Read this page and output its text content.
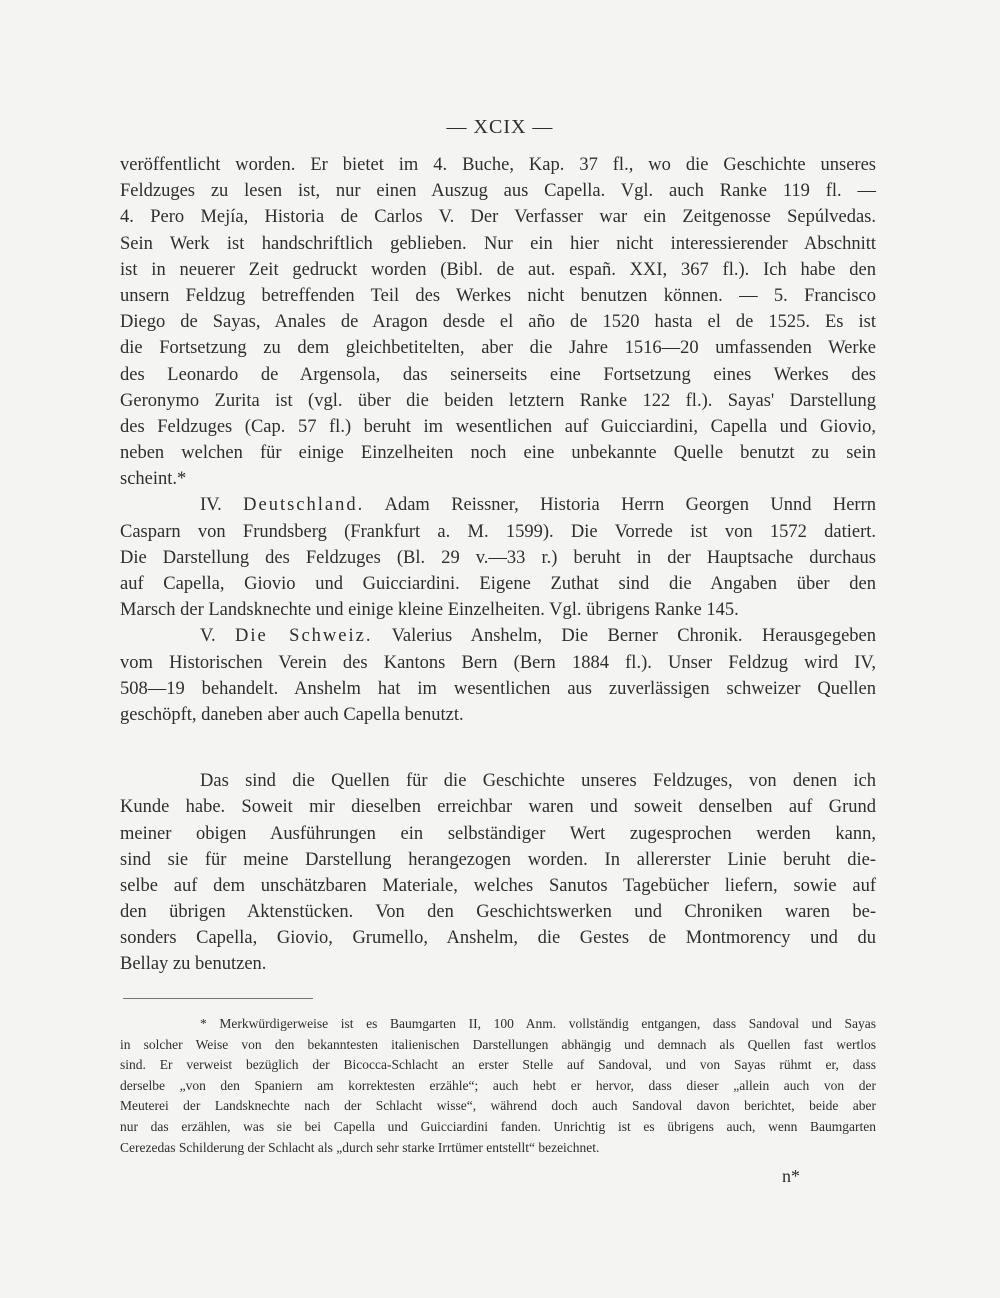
— XCIX —
veröffentlicht worden. Er bietet im 4. Buche, Kap. 37 fl., wo die Geschichte unseres
Feldzuges zu lesen ist, nur einen Auszug aus Capella. Vgl. auch Ranke 119 fl. —
4. Pero Mejía, Historia de Carlos V. Der Verfasser war ein Zeitgenosse Sepúlvedas.
Sein Werk ist handschriftlich geblieben. Nur ein hier nicht interessierender Abschnitt
ist in neuerer Zeit gedruckt worden (Bibl. de aut. españ. XXI, 367 fl.). Ich habe den
unsern Feldzug betreffenden Teil des Werkes nicht benutzen können. — 5. Francisco
Diego de Sayas, Anales de Aragon desde el año de 1520 hasta el de 1525. Es ist
die Fortsetzung zu dem gleichbetitelten, aber die Jahre 1516—20 umfassenden Werke
des Leonardo de Argensola, das seinerseits eine Fortsetzung eines Werkes des
Geronymo Zurita ist (vgl. über die beiden letztern Ranke 122 fl.). Sayas' Darstellung
des Feldzuges (Cap. 57 fl.) beruht im wesentlichen auf Guicciardini, Capella und Giovio,
neben welchen für einige Einzelheiten noch eine unbekannte Quelle benutzt zu sein
scheint.*
IV. Deutschland. Adam Reissner, Historia Herrn Georgen Unnd Herrn
Casparn von Frundsberg (Frankfurt a. M. 1599). Die Vorrede ist von 1572 datiert.
Die Darstellung des Feldzuges (Bl. 29 v.—33 r.) beruht in der Hauptsache durchaus
auf Capella, Giovio und Guicciardini. Eigene Zuthat sind die Angaben über den
Marsch der Landsknechte und einige kleine Einzelheiten. Vgl. übrigens Ranke 145.
V. Die Schweiz. Valerius Anshelm, Die Berner Chronik. Herausgegeben
vom Historischen Verein des Kantons Bern (Bern 1884 fl.). Unser Feldzug wird IV,
508—19 behandelt. Anshelm hat im wesentlichen aus zuverlässigen schweizer Quellen
geschöpft, daneben aber auch Capella benutzt.
Das sind die Quellen für die Geschichte unseres Feldzuges, von denen ich
Kunde habe. Soweit mir dieselben erreichbar waren und soweit denselben auf Grund
meiner obigen Ausführungen ein selbständiger Wert zugesprochen werden kann,
sind sie für meine Darstellung herangezogen worden. In allererster Linie beruht die-
selbe auf dem unschätzbaren Materiale, welches Sanutos Tagebücher liefern, sowie auf
den übrigen Aktenstücken. Von den Geschichtswerken und Chroniken waren be-
sonders Capella, Giovio, Grumello, Anshelm, die Gestes de Montmorency und du
Bellay zu benutzen.
* Merkwürdigerweise ist es Baumgarten II, 100 Anm. vollständig entgangen, dass Sandoval und Sayas
in solcher Weise von den bekanntesten italienischen Darstellungen abhängig und demnach als Quellen fast wertlos
sind. Er verweist bezüglich der Bicocca-Schlacht an erster Stelle auf Sandoval, und von Sayas rühmt er, dass
derselbe „von den Spaniern am korrektesten erzähle“; auch hebt er hervor, dass dieser „allein auch von der
Meuterei der Landsknechte nach der Schlacht wisse“, während doch auch Sandoval davon berichtet, beide aber
nur das erzählen, was sie bei Capella und Guicciardini fanden. Unrichtig ist es übrigens auch, wenn Baumgarten
Cerezedas Schilderung der Schlacht als „durch sehr starke Irrtümer entstellt“ bezeichnet.
n*
